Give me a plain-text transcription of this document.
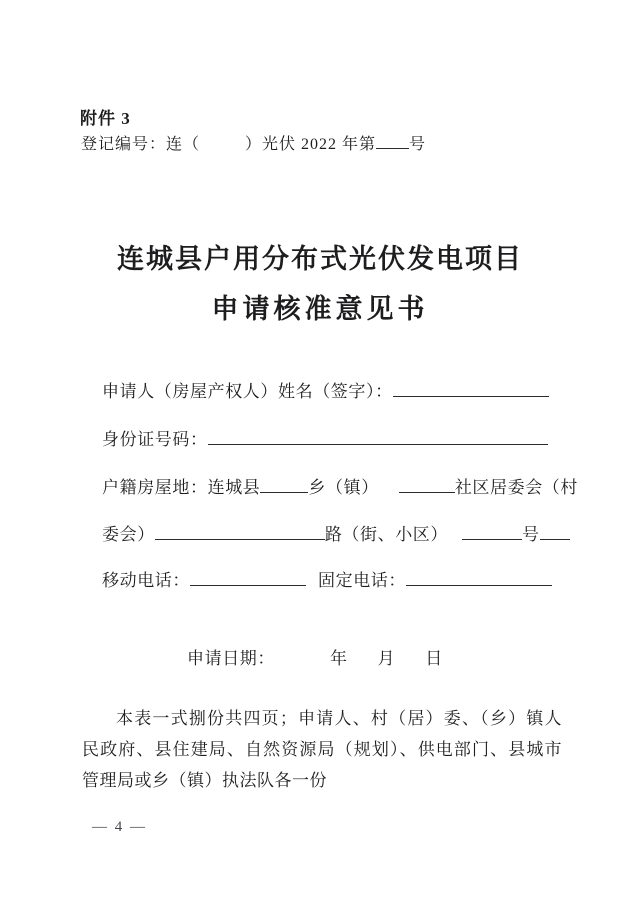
附件 3
登记编号：连（	）光伏 2022 年第 号
连城县户用分布式光伏发电项目
申请核准意见书
申请人（房屋产权人）姓名（签字）：
身份证号码：
户籍房屋地：连城县	乡（镇）	社区居委会（村
委会）	路（街、小区）	号
移动电话：	固定电话：
申请日期：	年 月 日

本表一式捌份共四页；申请人、村（居）委、（乡）镇人民政府、县住建局、自然资源局（规划）、供电部门、县城市管理局或乡（镇）执法队各一份

— 4 —
